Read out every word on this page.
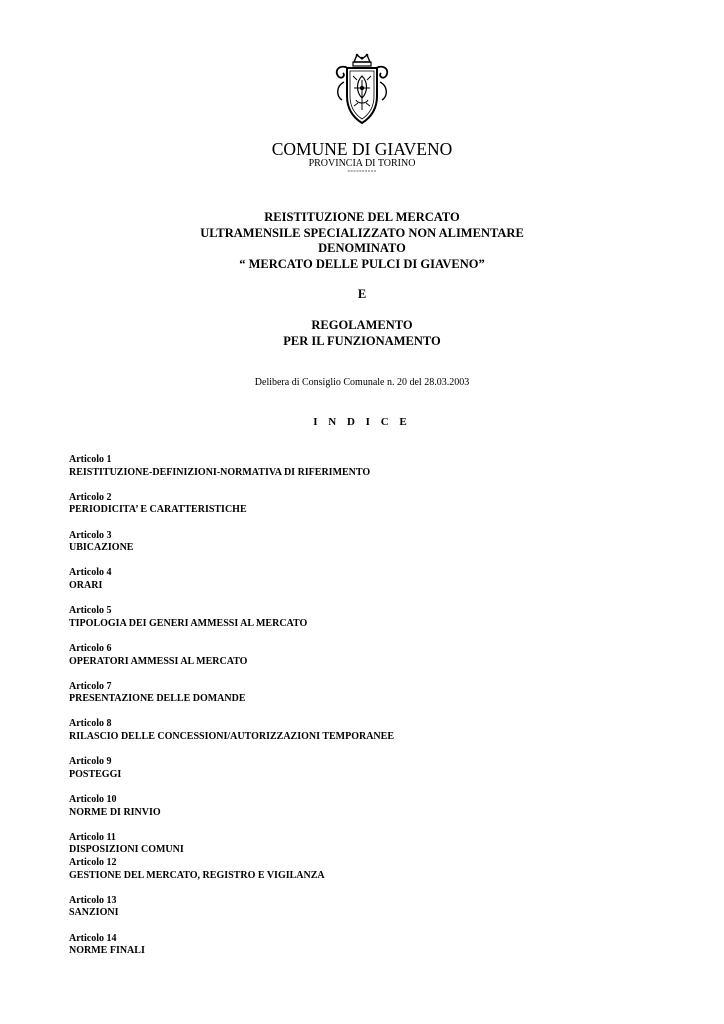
COMUNE DI GIAVENO
PROVINCIA DI TORINO
°°°°°°°°°°
REISTITUZIONE DEL MERCATO
ULTRAMENSILE SPECIALIZZATO NON ALIMENTARE
DENOMINATO
“ MERCATO DELLE PULCI DI GIAVENO”
E
REGOLAMENTO
PER IL FUNZIONAMENTO
Delibera di Consiglio Comunale n. 20 del 28.03.2003
I N D I C E
Articolo 1
REISTITUZIONE-DEFINIZIONI-NORMATIVA DI RIFERIMENTO
Articolo 2
PERIODICITA’ E CARATTERISTICHE
Articolo 3
UBICAZIONE
Articolo 4
ORARI
Articolo 5
TIPOLOGIA DEI GENERI AMMESSI AL MERCATO
Articolo 6
OPERATORI AMMESSI AL MERCATO
Articolo 7
PRESENTAZIONE DELLE DOMANDE
Articolo 8
RILASCIO DELLE CONCESSIONI/AUTORIZZAZIONI TEMPORANEE
Articolo 9
POSTEGGI
Articolo 10
NORME DI RINVIO
Articolo 11
DISPOSIZIONI COMUNI
Articolo 12
GESTIONE DEL MERCATO, REGISTRO E VIGILANZA
Articolo 13
SANZIONI
Articolo 14
NORME FINALI
